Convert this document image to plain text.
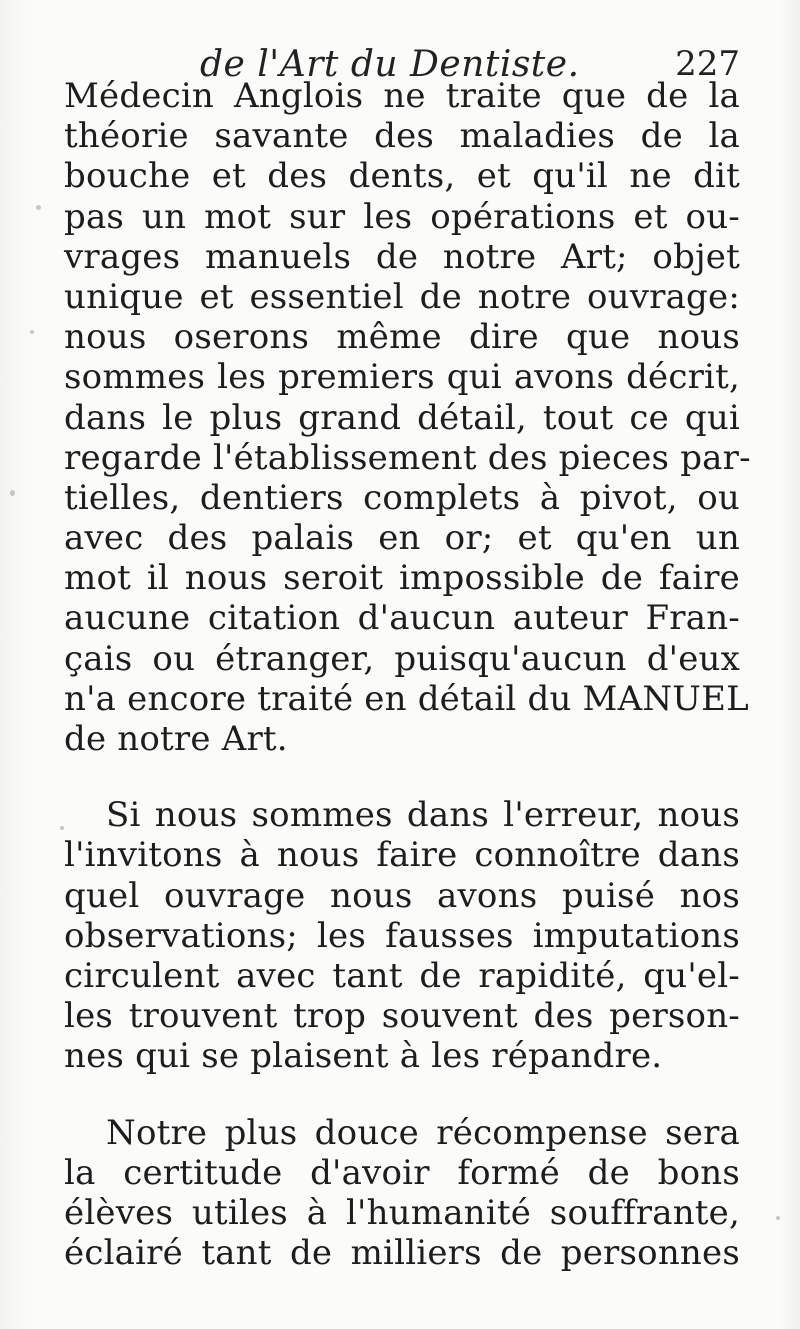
de l'Art du Dentiste.	227
Médecin Anglois ne traite que de la
théorie savante des maladies de la
bouche et des dents, et qu'il ne dit
pas un mot sur les opérations et ou-
vrages manuels de notre Art; objet
unique et essentiel de notre ouvrage:
nous oserons même dire que nous
sommes les premiers qui avons décrit,
dans le plus grand détail, tout ce qui
regarde l'établissement des pieces par-
tielles, dentiers complets à pivot, ou
avec des palais en or; et qu'en un
mot il nous seroit impossible de faire
aucune citation d'aucun auteur Fran-
çais ou étranger, puisqu'aucun d'eux
n'a encore traité en détail du MANUEL
de notre Art.
Si nous sommes dans l'erreur, nous
l'invitons à nous faire connoître dans
quel ouvrage nous avons puisé nos
observations; les fausses imputations
circulent avec tant de rapidité, qu'el-
les trouvent trop souvent des person-
nes qui se plaisent à les répandre.
Notre plus douce récompense sera
la certitude d'avoir formé de bons
élèves utiles à l'humanité souffrante,
éclairé tant de milliers de personnes
